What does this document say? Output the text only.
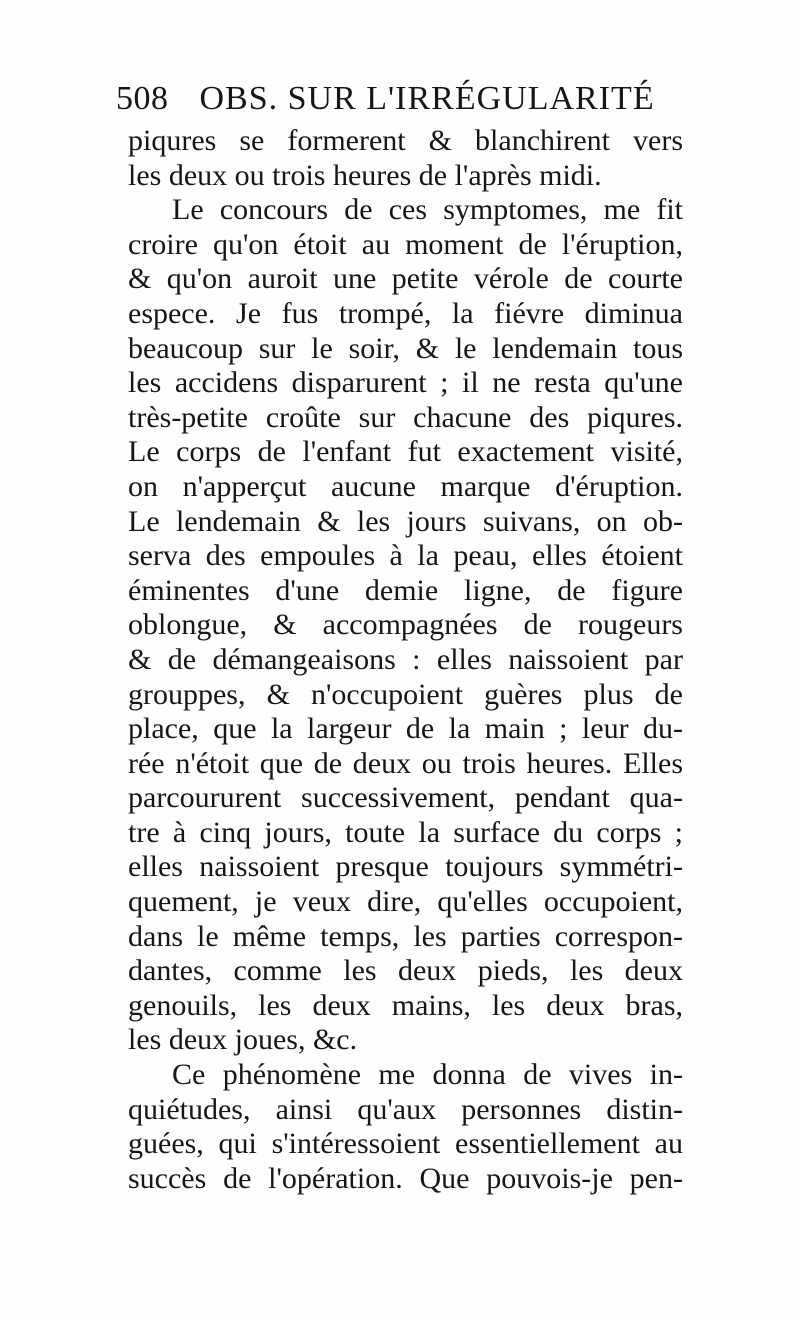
508 OBS. SUR L'IRRÉGULARITÉ
piqures se formerent & blanchirent vers
les deux ou trois heures de l'après midi.
Le concours de ces symptomes, me fit
croire qu'on étoit au moment de l'éruption,
& qu'on auroit une petite vérole de courte
espece. Je fus trompé, la fiévre diminua
beaucoup sur le soir, & le lendemain tous
les accidens disparurent ; il ne resta qu'une
très-petite croûte sur chacune des piqures.
Le corps de l'enfant fut exactement visité,
on n'apperçut aucune marque d'éruption.
Le lendemain & les jours suivans, on ob-
serva des empoules à la peau, elles étoient
éminentes d'une demie ligne, de figure
oblongue, & accompagnées de rougeurs
& de démangeaisons : elles naissoient par
grouppes, & n'occupoient guères plus de
place, que la largeur de la main ; leur du-
rée n'étoit que de deux ou trois heures. Elles
parcoururent successivement, pendant qua-
tre à cinq jours, toute la surface du corps ;
elles naissoient presque toujours symmétri-
quement, je veux dire, qu'elles occupoient,
dans le même temps, les parties correspon-
dantes, comme les deux pieds, les deux
genouils, les deux mains, les deux bras,
les deux joues, &c.
Ce phénomène me donna de vives in-
quiétudes, ainsi qu'aux personnes distin-
guées, qui s'intéressoient essentiellement au
succès de l'opération. Que pouvois-je pen-
